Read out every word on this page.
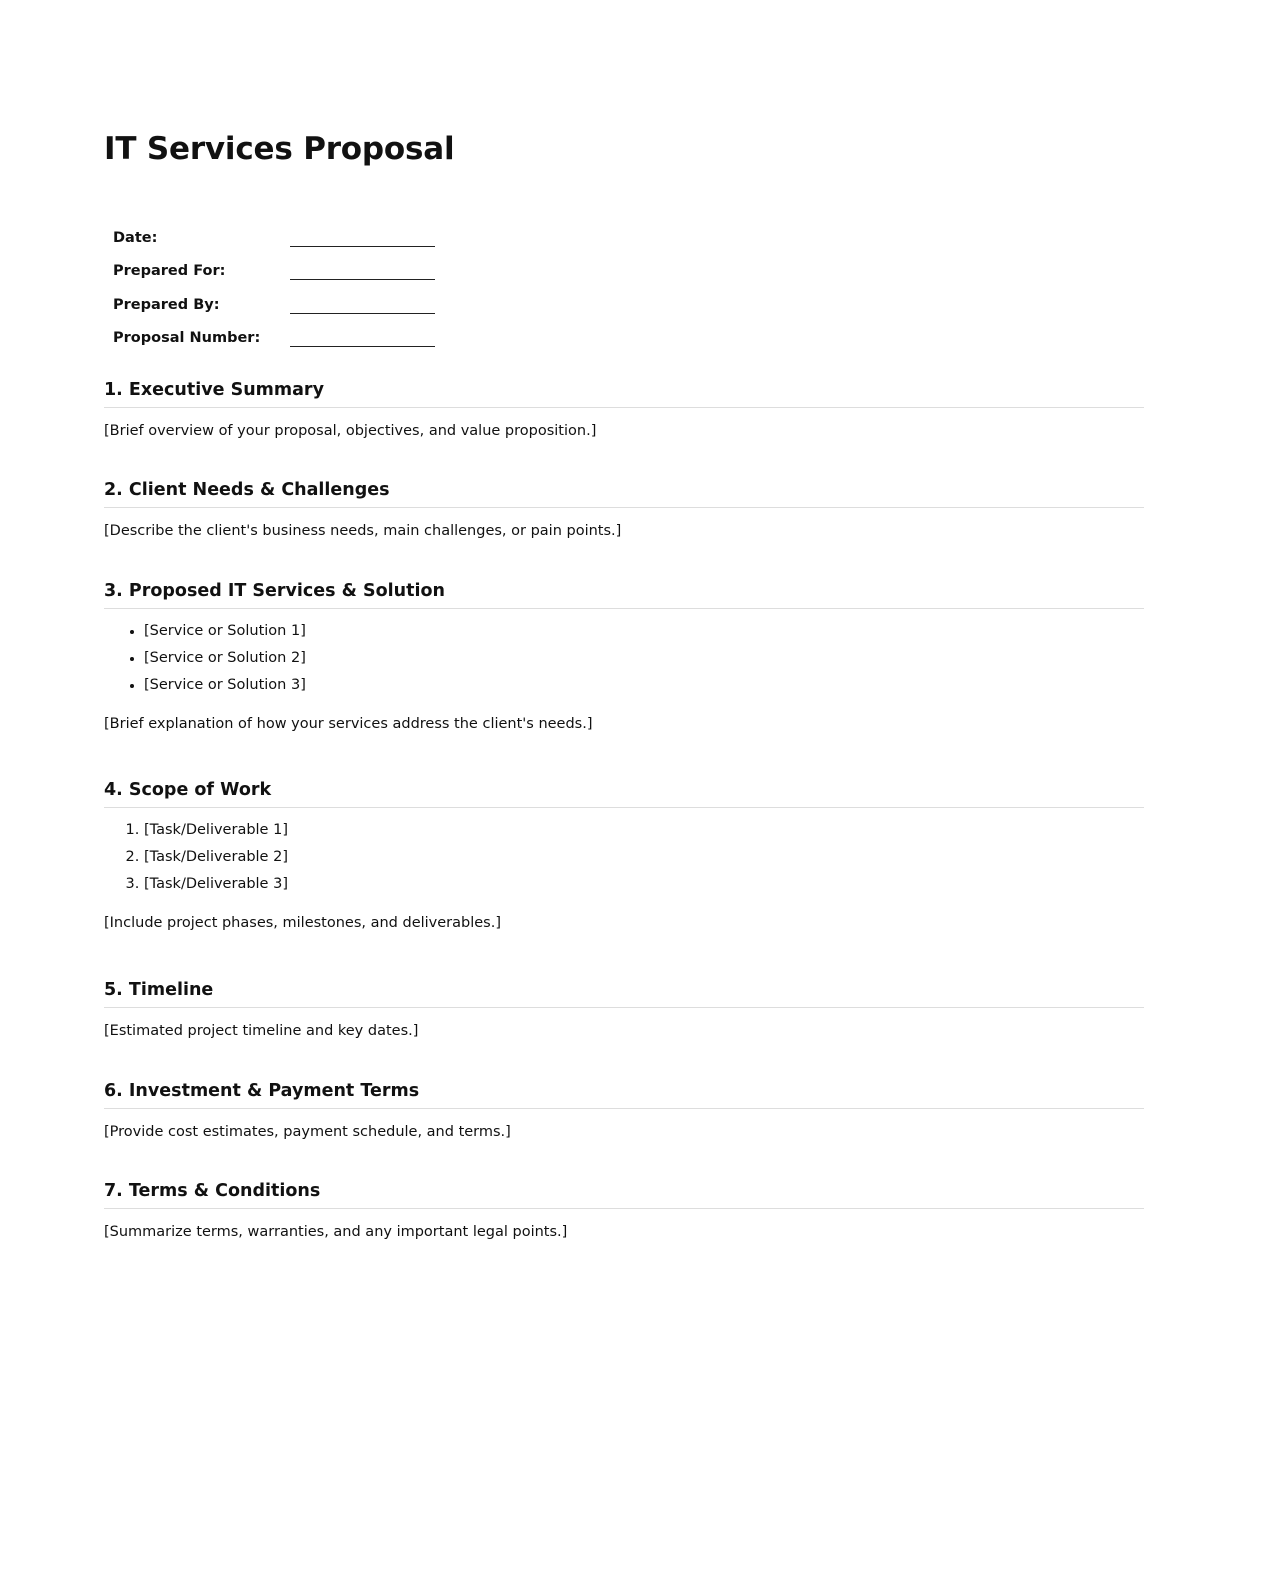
IT Services Proposal
Date:
Prepared For:
Prepared By:
Proposal Number:
1. Executive Summary

[Brief overview of your proposal, objectives, and value proposition.]

2. Client Needs & Challenges

[Describe the client's business needs, main challenges, or pain points.]

3. Proposed IT Services & Solution
• [Service or Solution 1]
• [Service or Solution 2]
• [Service or Solution 3]

[Brief explanation of how your services address the client's needs.]

4. Scope of Work
1. [Task/Deliverable 1]
2. [Task/Deliverable 2]
3. [Task/Deliverable 3]

[Include project phases, milestones, and deliverables.]

5. Timeline

[Estimated project timeline and key dates.]

6. Investment & Payment Terms

[Provide cost estimates, payment schedule, and terms.]

7. Terms & Conditions

[Summarize terms, warranties, and any important legal points.]
